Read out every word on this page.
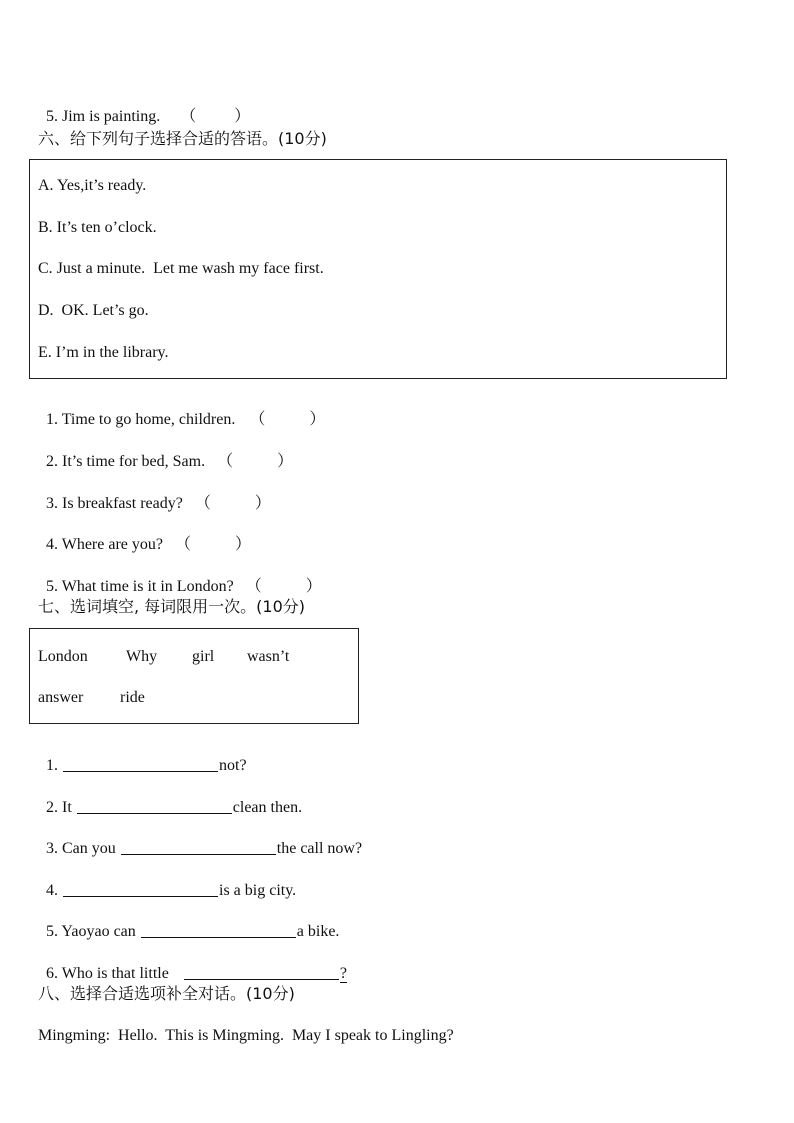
5. Jim is painting. （ ）

六、给下列句子选择合适的答语。(10分)
A. Yes,it’s ready.
B. It’s ten o’clock.
C. Just a minute.  Let me wash my face first.
D.  OK. Let’s go.
E. I’m in the library.

1. Time to go home, children. （	）

2. It’s time for bed, Sam. （	）

3. Is breakfast ready? （	）

4. Where are you? （	）

5. What time is it in London? （	）

七、选词填空, 每词限用一次。(10分)
London Why girl wasn’t
answer ride

1.	not?

2. It	clean then.

3. Can you	the call now?

4.	is a big city.

5. Yaoyao can	a bike.

6. Who is that little	?

八、选择合适选项补全对话。(10分)
Mingming:  Hello.  This is Mingming.  May I speak to Lingling?
